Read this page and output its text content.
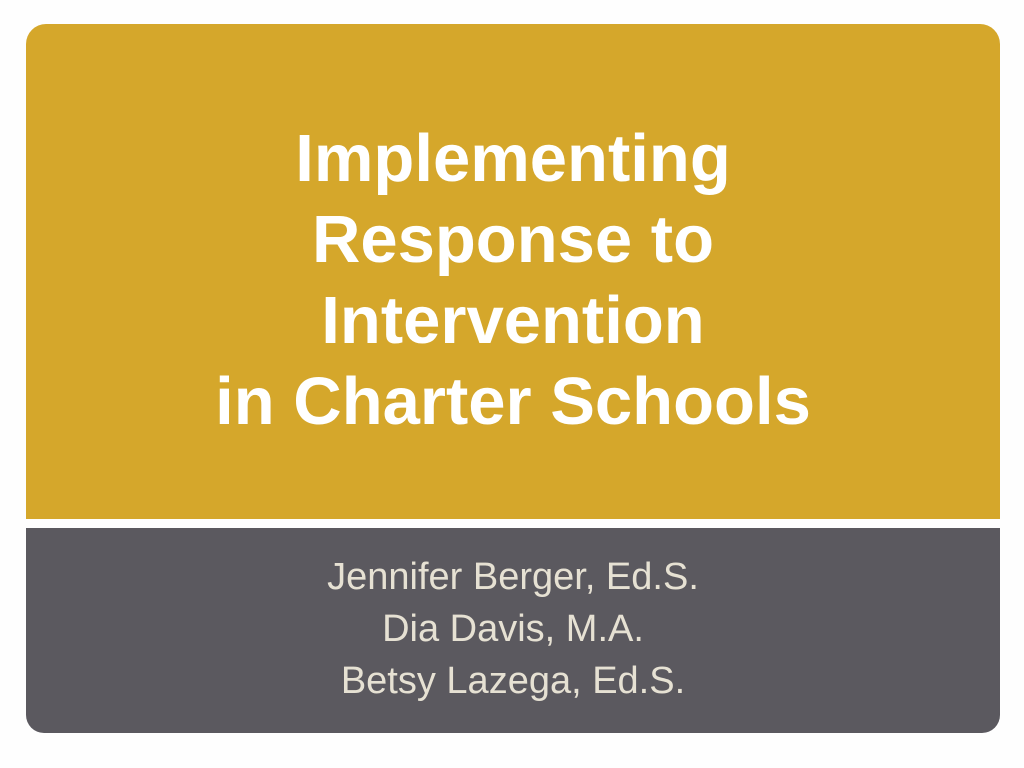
Implementing
Response to
Intervention
in Charter Schools
Jennifer Berger, Ed.S.
Dia Davis, M.A.
Betsy Lazega, Ed.S.
